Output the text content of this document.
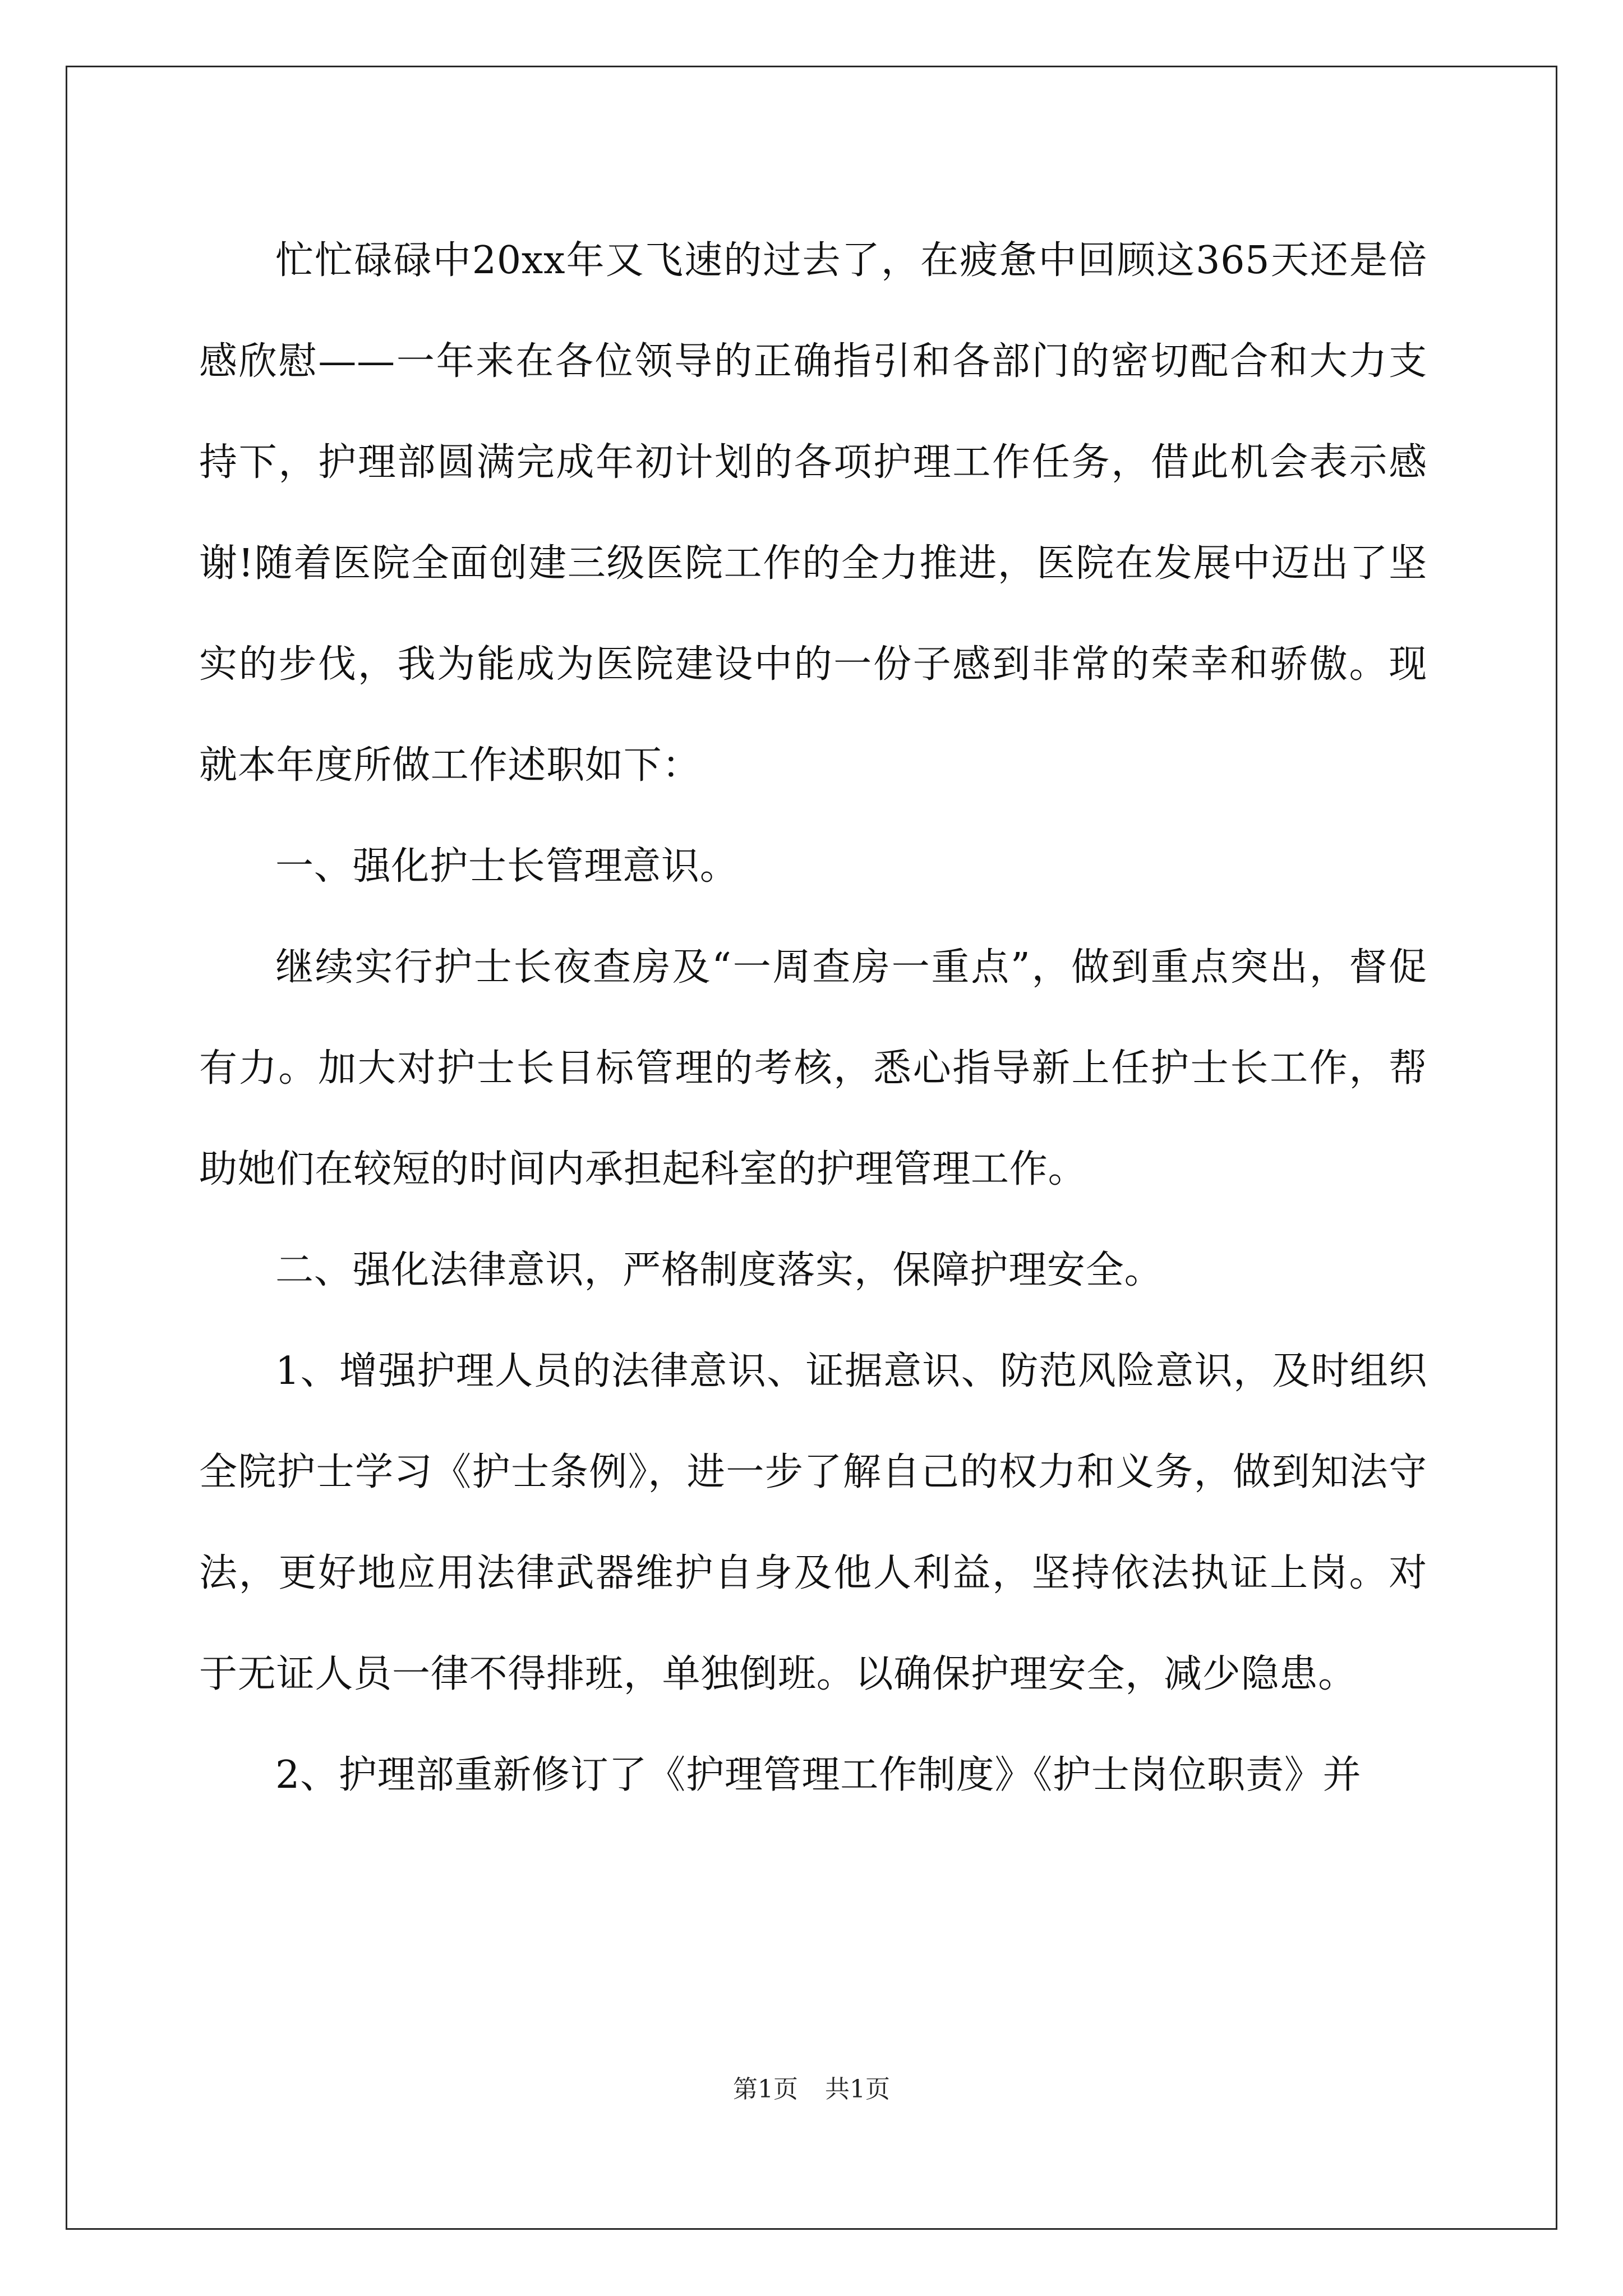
忙忙碌碌中20xx年又飞速的过去了，在疲惫中回顾这365天还是倍感欣慰——一年来在各位领导的正确指引和各部门的密切配合和大力支持下，护理部圆满完成年初计划的各项护理工作任务，借此机会表示感谢!随着医院全面创建三级医院工作的全力推进，医院在发展中迈出了坚实的步伐，我为能成为医院建设中的一份子感到非常的荣幸和骄傲。现就本年度所做工作述职如下：

一、强化护士长管理意识。

继续实行护士长夜查房及“一周查房一重点”，做到重点突出，督促有力。加大对护士长目标管理的考核，悉心指导新上任护士长工作，帮助她们在较短的时间内承担起科室的护理管理工作。

二、强化法律意识，严格制度落实，保障护理安全。

1、增强护理人员的法律意识、证据意识、防范风险意识，及时组织全院护士学习《护士条例》，进一步了解自己的权力和义务，做到知法守法，更好地应用法律武器维护自身及他人利益，坚持依法执证上岗。对于无证人员一律不得排班，单独倒班。以确保护理安全，减少隐患。

2、护理部重新修订了《护理管理工作制度》《护士岗位职责》并

第1页 共1页
